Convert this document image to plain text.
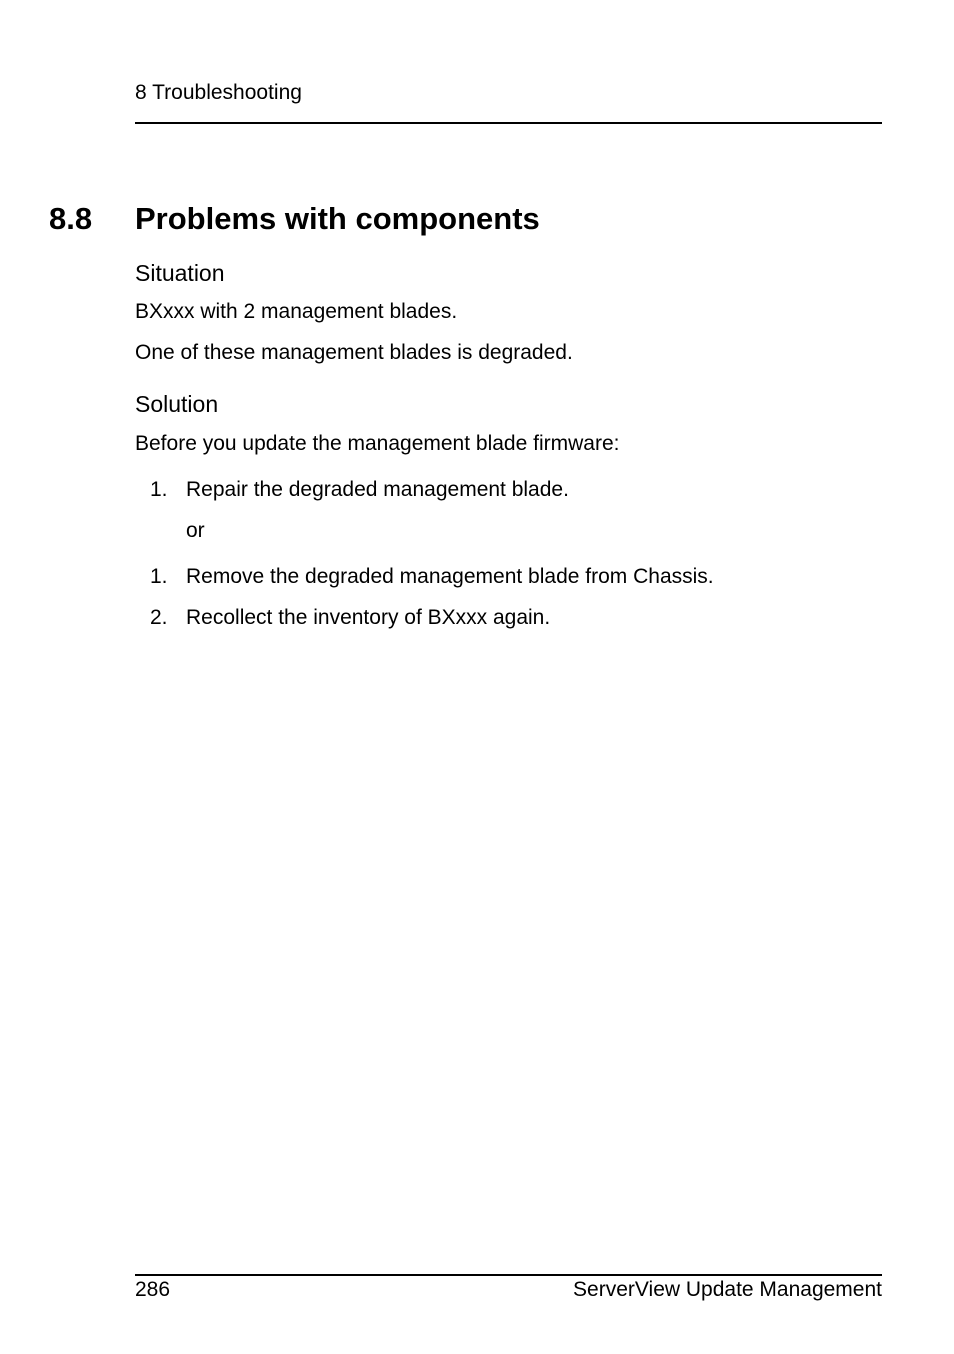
8 Troubleshooting
8.8 Problems with components
Situation
BXxxx with 2 management blades.
One of these management blades is degraded.
Solution
Before you update the management blade firmware:
1. Repair the degraded management blade.
or
1. Remove the degraded management blade from Chassis.
2. Recollect the inventory of BXxxx again.
286	ServerView Update Management
